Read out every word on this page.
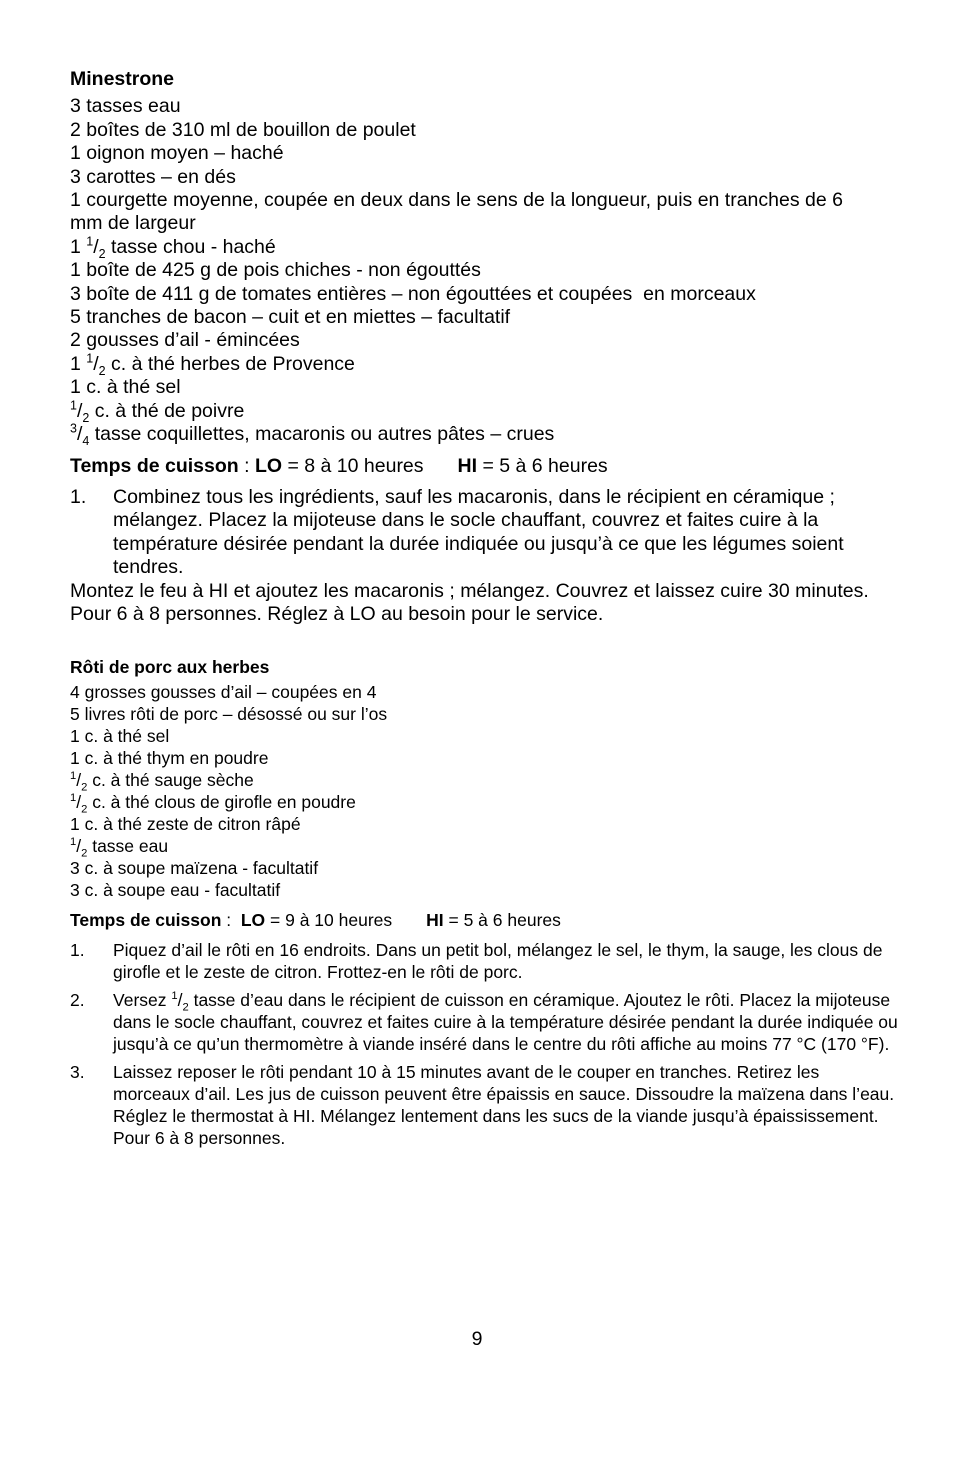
Minestrone
3 tasses eau
2 boîtes de 310 ml de bouillon de poulet
1 oignon moyen – haché
3 carottes – en dés
1 courgette moyenne, coupée en deux dans le sens de la longueur, puis en tranches de 6 mm de largeur
1 $^1/_2$ tasse chou - haché
1 boîte de 425 g de pois chiches - non égouttés
3 boîte de 411 g de tomates entières – non égouttées et coupées  en morceaux
5 tranches de bacon – cuit et en miettes – facultatif
2 gousses d’ail - émincées
1 $^1/_2$ c. à thé herbes de Provence
1 c. à thé sel
$^1/_2$ c. à thé de poivre
$^3/_4$ tasse coquillettes, macaronis ou autres pâtes – crues
Temps de cuisson : LO = 8 à 10 heures HI = 5 à 6 heures
1.	Combinez tous les ingrédients, sauf les macaronis, dans le récipient en céramique ; mélangez. Placez la mijoteuse dans le socle chauffant, couvrez et faites cuire à la température désirée pendant la durée indiquée ou jusqu’à ce que les légumes soient tendres.
Montez le feu à HI et ajoutez les macaronis ; mélangez. Couvrez et laissez cuire 30 minutes. Pour 6 à 8 personnes. Réglez à LO au besoin pour le service.
Rôti de porc aux herbes
4 grosses gousses d’ail – coupées en 4
5 livres rôti de porc – désossé ou sur l’os
1 c. à thé sel
1 c. à thé thym en poudre
$^1/_2$ c. à thé sauge sèche
$^1/_2$ c. à thé clous de girofle en poudre
1 c. à thé zeste de citron râpé
$^1/_2$ tasse eau
3 c. à soupe maïzena - facultatif
3 c. à soupe eau - facultatif
Temps de cuisson :  LO = 9 à 10 heures HI = 5 à 6 heures
1.	Piquez d’ail le rôti en 16 endroits. Dans un petit bol, mélangez le sel, le thym, la sauge, les clous de girofle et le zeste de citron. Frottez-en le rôti de porc.
2.	Versez $^1/_2$ tasse d’eau dans le récipient de cuisson en céramique. Ajoutez le rôti. Placez la mijoteuse dans le socle chauffant, couvrez et faites cuire à la température désirée pendant la durée indiquée ou jusqu’à ce qu’un thermomètre à viande inséré dans le centre du rôti affiche au moins 77 °C (170 °F).
3.	Laissez reposer le rôti pendant 10 à 15 minutes avant de le couper en tranches. Retirez les morceaux d’ail. Les jus de cuisson peuvent être épaissis en sauce. Dissoudre la maïzena dans l’eau. Réglez le thermostat à HI. Mélangez lentement dans les sucs de la viande jusqu’à épaississement. Pour 6 à 8 personnes.
9
